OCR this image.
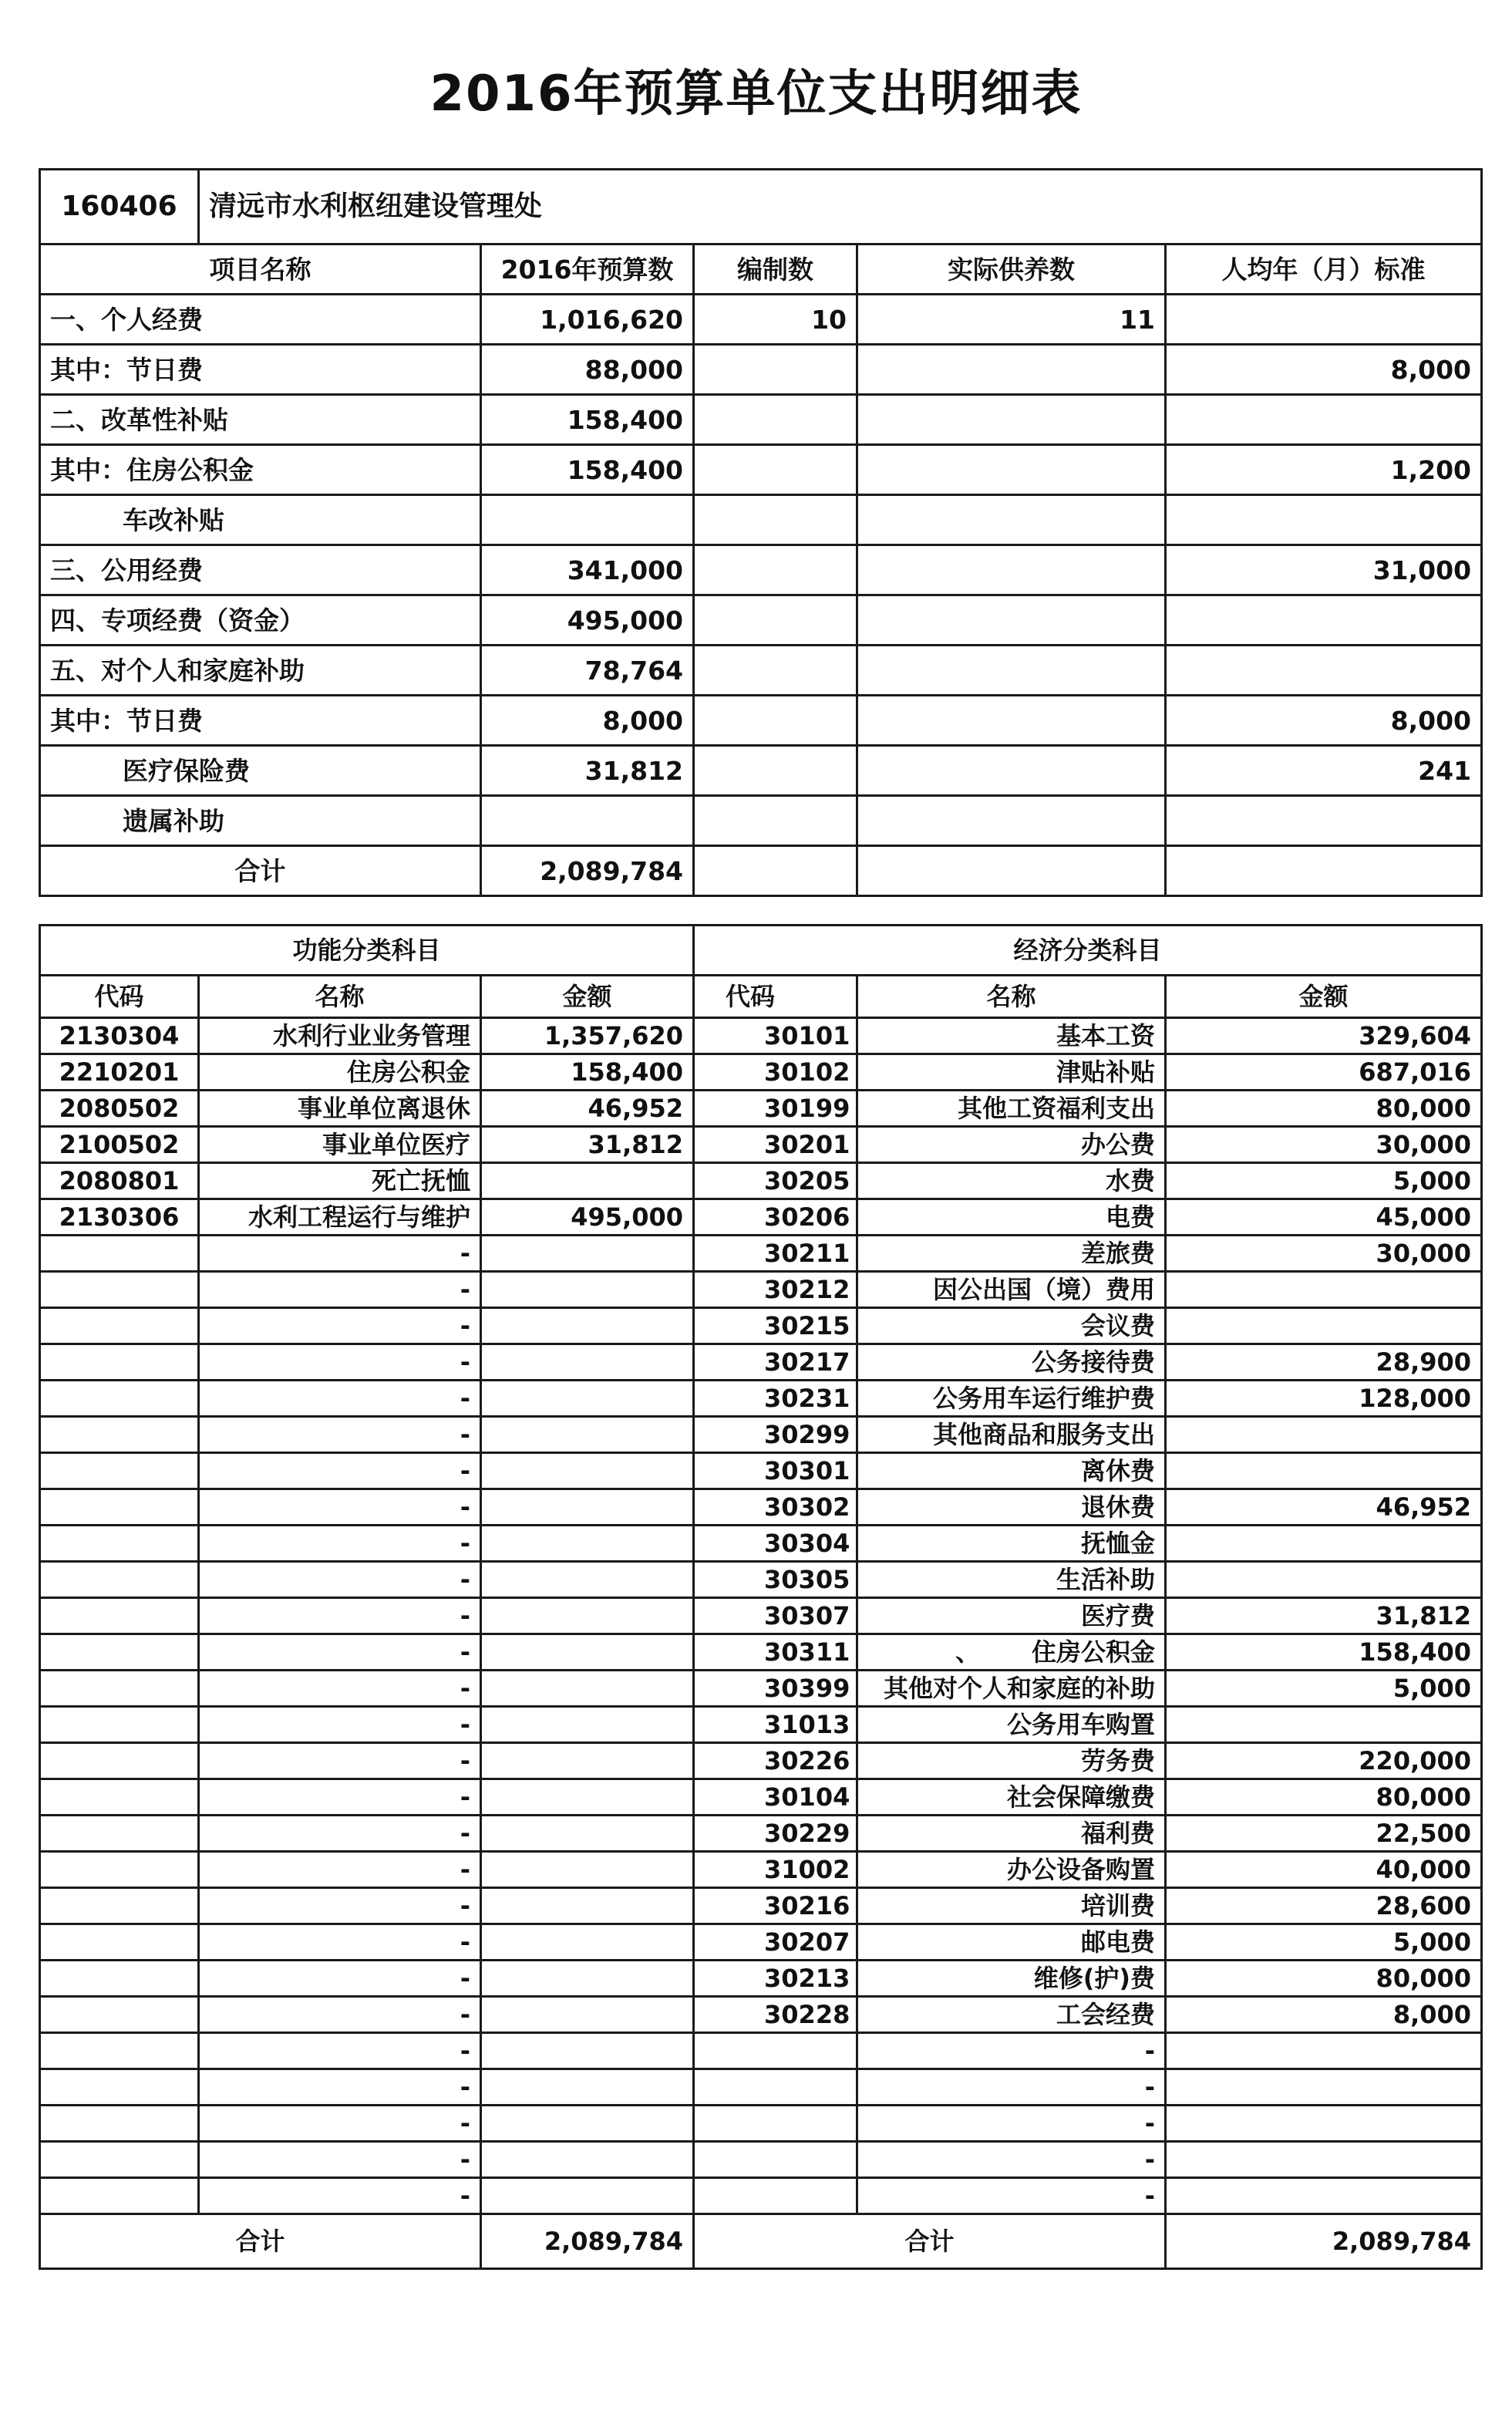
2016年预算单位支出明细表
160406	清远市水利枢纽建设管理处				
项目名称		2016年预算数	编制数	实际供养数	人均年（月）标准
一、个人经费		1,016,620	10	11	
其中：节日费		88,000			8,000
二、改革性补贴		158,400			
其中：住房公积金		158,400			1,200
车改补贴					
三、公用经费		341,000			31,000
四、专项经费（资金）		495,000			
五、对个人和家庭补助		78,764			
其中：节日费		8,000			8,000
医疗保险费		31,812			241
遗属补助					
合计		2,089,784			
功能分类科目			经济分类科目		
代码	名称	金额	代码	名称	金额
2130304	水利行业业务管理	1,357,620	30101	基本工资	329,604
2210201	住房公积金	158,400	30102	津贴补贴	687,016
2080502	事业单位离退休	46,952	30199	其他工资福利支出	80,000
2100502	事业单位医疗	31,812	30201	办公费	30,000
2080801	死亡抚恤		30205	水费	5,000
2130306	水利工程运行与维护	495,000	30206	电费	45,000
	-		30211	差旅费	30,000
	-		30212	因公出国（境）费用	
	-		30215	会议费	
	-		30217	公务接待费	28,900
	-		30231	公务用车运行维护费	128,000
	-		30299	其他商品和服务支出	
	-		30301	离休费	
	-		30302	退休费	46,952
	-		30304	抚恤金	
	-		30305	生活补助	
	-		30307	医疗费	31,812
	-		30311	、      住房公积金	158,400
	-		30399	其他对个人和家庭的补助	5,000
	-		31013	公务用车购置	
	-		30226	劳务费	220,000
	-		30104	社会保障缴费	80,000
	-		30229	福利费	22,500
	-		31002	办公设备购置	40,000
	-		30216	培训费	28,600
	-		30207	邮电费	5,000
	-		30213	维修(护)费	80,000
	-		30228	工会经费	8,000
	-			-	
	-			-	
	-			-	
	-			-	
	-			-	
合计		2,089,784	合计		2,089,784
